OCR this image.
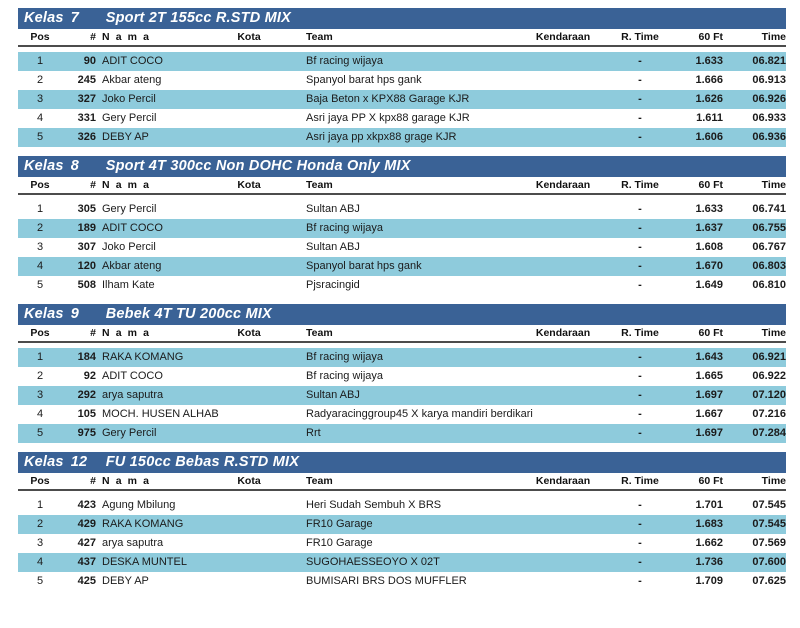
Kelas 7	Sport 2T 155cc R.STD MIX
Pos	# N a m a	Kota	Team	Kendaraan	R. Time	60 Ft	Time
1	90 ADIT COCO	Bf racing wijaya	-	1.633	06.821
2	245 Akbar ateng	Spanyol barat hps gank	-	1.666	06.913
3	327 Joko Percil	Baja Beton x KPX88 Garage KJR	-	1.626	06.926
4	331 Gery Percil	Asri jaya PP X kpx88 garage KJR	-	1.611	06.933
5	326 DEBY AP	Asri jaya pp xkpx88 grage KJR	-	1.606	06.936
Kelas 8	Sport 4T 300cc Non DOHC Honda Only MIX
Pos	# N a m a	Kota	Team	Kendaraan	R. Time	60 Ft	Time
1	305 Gery Percil	Sultan ABJ	-	1.633	06.741
2	189 ADIT COCO	Bf racing wijaya	-	1.637	06.755
3	307 Joko Percil	Sultan ABJ	-	1.608	06.767
4	120 Akbar ateng	Spanyol barat hps gank	-	1.670	06.803
5	508 Ilham Kate	Pjsracingid	-	1.649	06.810
Kelas 9	Bebek 4T TU 200cc MIX
Pos	# N a m a	Kota	Team	Kendaraan	R. Time	60 Ft	Time
1	184 RAKA KOMANG	Bf racing wijaya	-	1.643	06.921
2	92 ADIT COCO	Bf racing wijaya	-	1.665	06.922
3	292 arya saputra	Sultan ABJ	-	1.697	07.120
4	105 MOCH. HUSEN ALHAB	Radyaracinggroup45 X karya mandiri berdikari	-	1.667	07.216
5	975 Gery Percil	Rrt	-	1.697	07.284
Kelas 12 FU 150cc Bebas R.STD MIX
Pos	# N a m a	Kota	Team	Kendaraan	R. Time	60 Ft	Time
1	423 Agung Mbilung	Heri Sudah Sembuh X BRS	-	1.701	07.545
2	429 RAKA KOMANG	FR10 Garage	-	1.683	07.545
3	427 arya saputra	FR10 Garage	-	1.662	07.569
4	437 DESKA MUNTEL	SUGOHAESSEOYO X 02T	-	1.736	07.600
5	425 DEBY AP	BUMISARI BRS DOS MUFFLER	-	1.709	07.625
